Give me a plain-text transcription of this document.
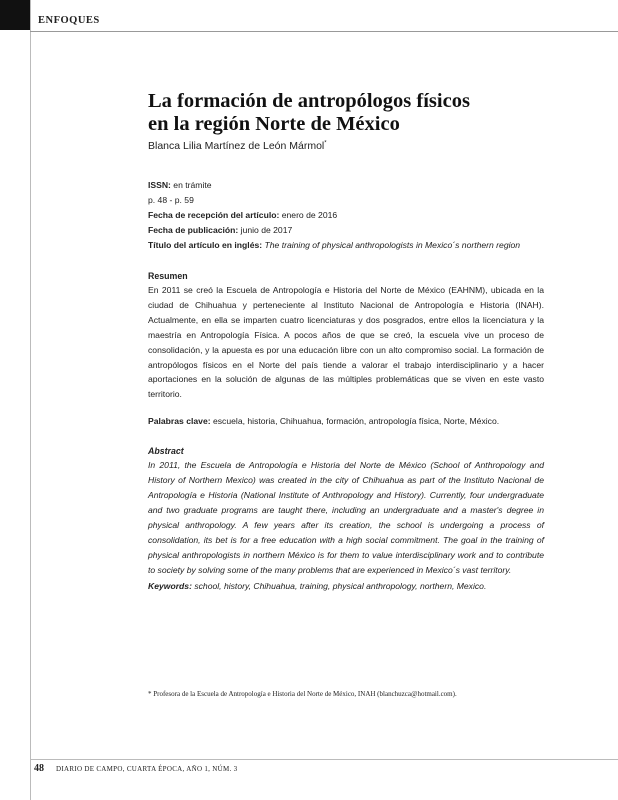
ENFOQUES
La formación de antropólogos físicos
en la región Norte de México
Blanca Lilia Martínez de León Mármol*
ISSN: en trámite
p. 48 - p. 59
Fecha de recepción del artículo: enero de 2016
Fecha de publicación: junio de 2017
Título del artículo en inglés: The training of physical anthropologists in Mexico´s northern region
Resumen

En 2011 se creó la Escuela de Antropología e Historia del Norte de México (EAHNM), ubicada en la ciudad de Chihuahua y perteneciente al Instituto Nacional de Antropología e Historia (INAH). Actualmente, en ella se imparten cuatro licenciaturas y dos posgrados, entre ellos la licenciatura y la maestría en Antropología Física. A pocos años de que se creó, la escuela vive un proceso de consolidación, y la apuesta es por una educación libre con un alto compromiso social. La formación de antropólogos físicos en el Norte del país tiende a valorar el trabajo interdisciplinario y a hacer aportaciones en la solución de algunas de las múltiples problemáticas que se viven en este vasto territorio.

Palabras clave: escuela, historia, Chihuahua, formación, antropología física, Norte, México.
Abstract

In 2011, the Escuela de Antropología e Historia del Norte de México (School of Anthropology and History of Northern Mexico) was created in the city of Chihuahua as part of the Instituto Nacional de Antropología e Historia (National Institute of Anthropology and History). Currently, four undergraduate and two graduate programs are taught there, including an undergraduate and a master's degree in physical anthropology. A few years after its creation, the school is undergoing a process of consolidation, its bet is for a free education with a high social commitment. The goal in the training of physical anthropologists in northern México is for them to value interdisciplinary work and to contribute to society by solving some of the many problems that are experienced in Mexico´s vast territory.

Keywords: school, history, Chihuahua, training, physical anthropology, northern, Mexico.
* Profesora de la Escuela de Antropología e Historia del Norte de México, INAH (blanchuzca@hotmail.com).
48 DIARIO DE CAMPO, CUARTA ÉPOCA, AÑO 1, NÚM. 3
